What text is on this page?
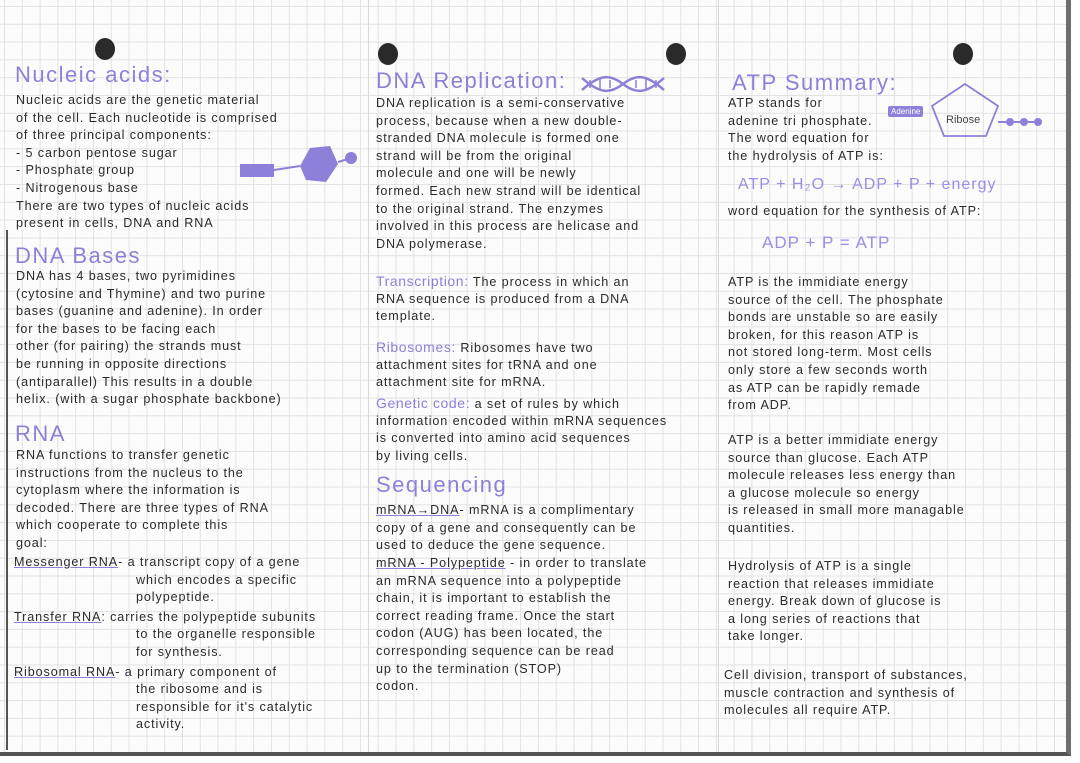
Nucleic acids:
Nucleic acids are the genetic material
of the cell. Each nucleotide is comprised
of three principal components:
- 5 carbon pentose sugar
- Phosphate group
- Nitrogenous base
There are two types of nucleic acids
present in cells, DNA and RNA
DNA Bases
DNA has 4 bases, two pyrimidines
(cytosine and Thymine) and two purine
bases (guanine and adenine). In order
for the bases to be facing each
other (for pairing) the strands must
be running in opposite directions
(antiparallel) This results in a double
helix. (with a sugar phosphate backbone)
RNA
RNA functions to transfer genetic
instructions from the nucleus to the
cytoplasm where the information is
decoded. There are three types of RNA
which cooperate to complete this
goal:
Messenger RNA- a transcript copy of a gene
which encodes a specific
polypeptide.
Transfer RNA: carries the polypeptide subunits
to the organelle responsible
for synthesis.
Ribosomal RNA- a primary component of
the ribosome and is
responsible for it's catalytic
activity.
DNA Replication:
DNA replication is a semi-conservative
process, because when a new double-
stranded DNA molecule is formed one
strand will be from the original
molecule and one will be newly
formed. Each new strand will be identical
to the original strand. The enzymes
involved in this process are helicase and
DNA polymerase.
Transcription: The process in which an
RNA sequence is produced from a DNA
template.
Ribosomes: Ribosomes have two
attachment sites for tRNA and one
attachment site for mRNA.
Genetic code: a set of rules by which
information encoded within mRNA sequences
is converted into amino acid sequences
by living cells.
Sequencing
mRNA→DNA- mRNA is a complimentary
copy of a gene and consequently can be
used to deduce the gene sequence.
mRNA - Polypeptide - in order to translate
an mRNA sequence into a polypeptide
chain, it is important to establish the
correct reading frame. Once the start
codon (AUG) has been located, the
corresponding sequence can be read
up to the termination (STOP)
codon.
ATP Summary:
ATP stands for
adenine tri phosphate.
The word equation for
the hydrolysis of ATP is:
Adenine
Ribose
ATP + H₂O → ADP + P + energy
word equation for the synthesis of ATP:
ADP + P = ATP
ATP is the immidiate energy
source of the cell. The phosphate
bonds are unstable so are easily
broken, for this reason ATP is
not stored long-term. Most cells
only store a few seconds worth
as ATP can be rapidly remade
from ADP.
ATP is a better immidiate energy
source than glucose. Each ATP
molecule releases less energy than
a glucose molecule so energy
is released in small more managable
quantities.
Hydrolysis of ATP is a single
reaction that releases immidiate
energy. Break down of glucose is
a long series of reactions that
take longer.
Cell division, transport of substances,
muscle contraction and synthesis of
molecules all require ATP.
